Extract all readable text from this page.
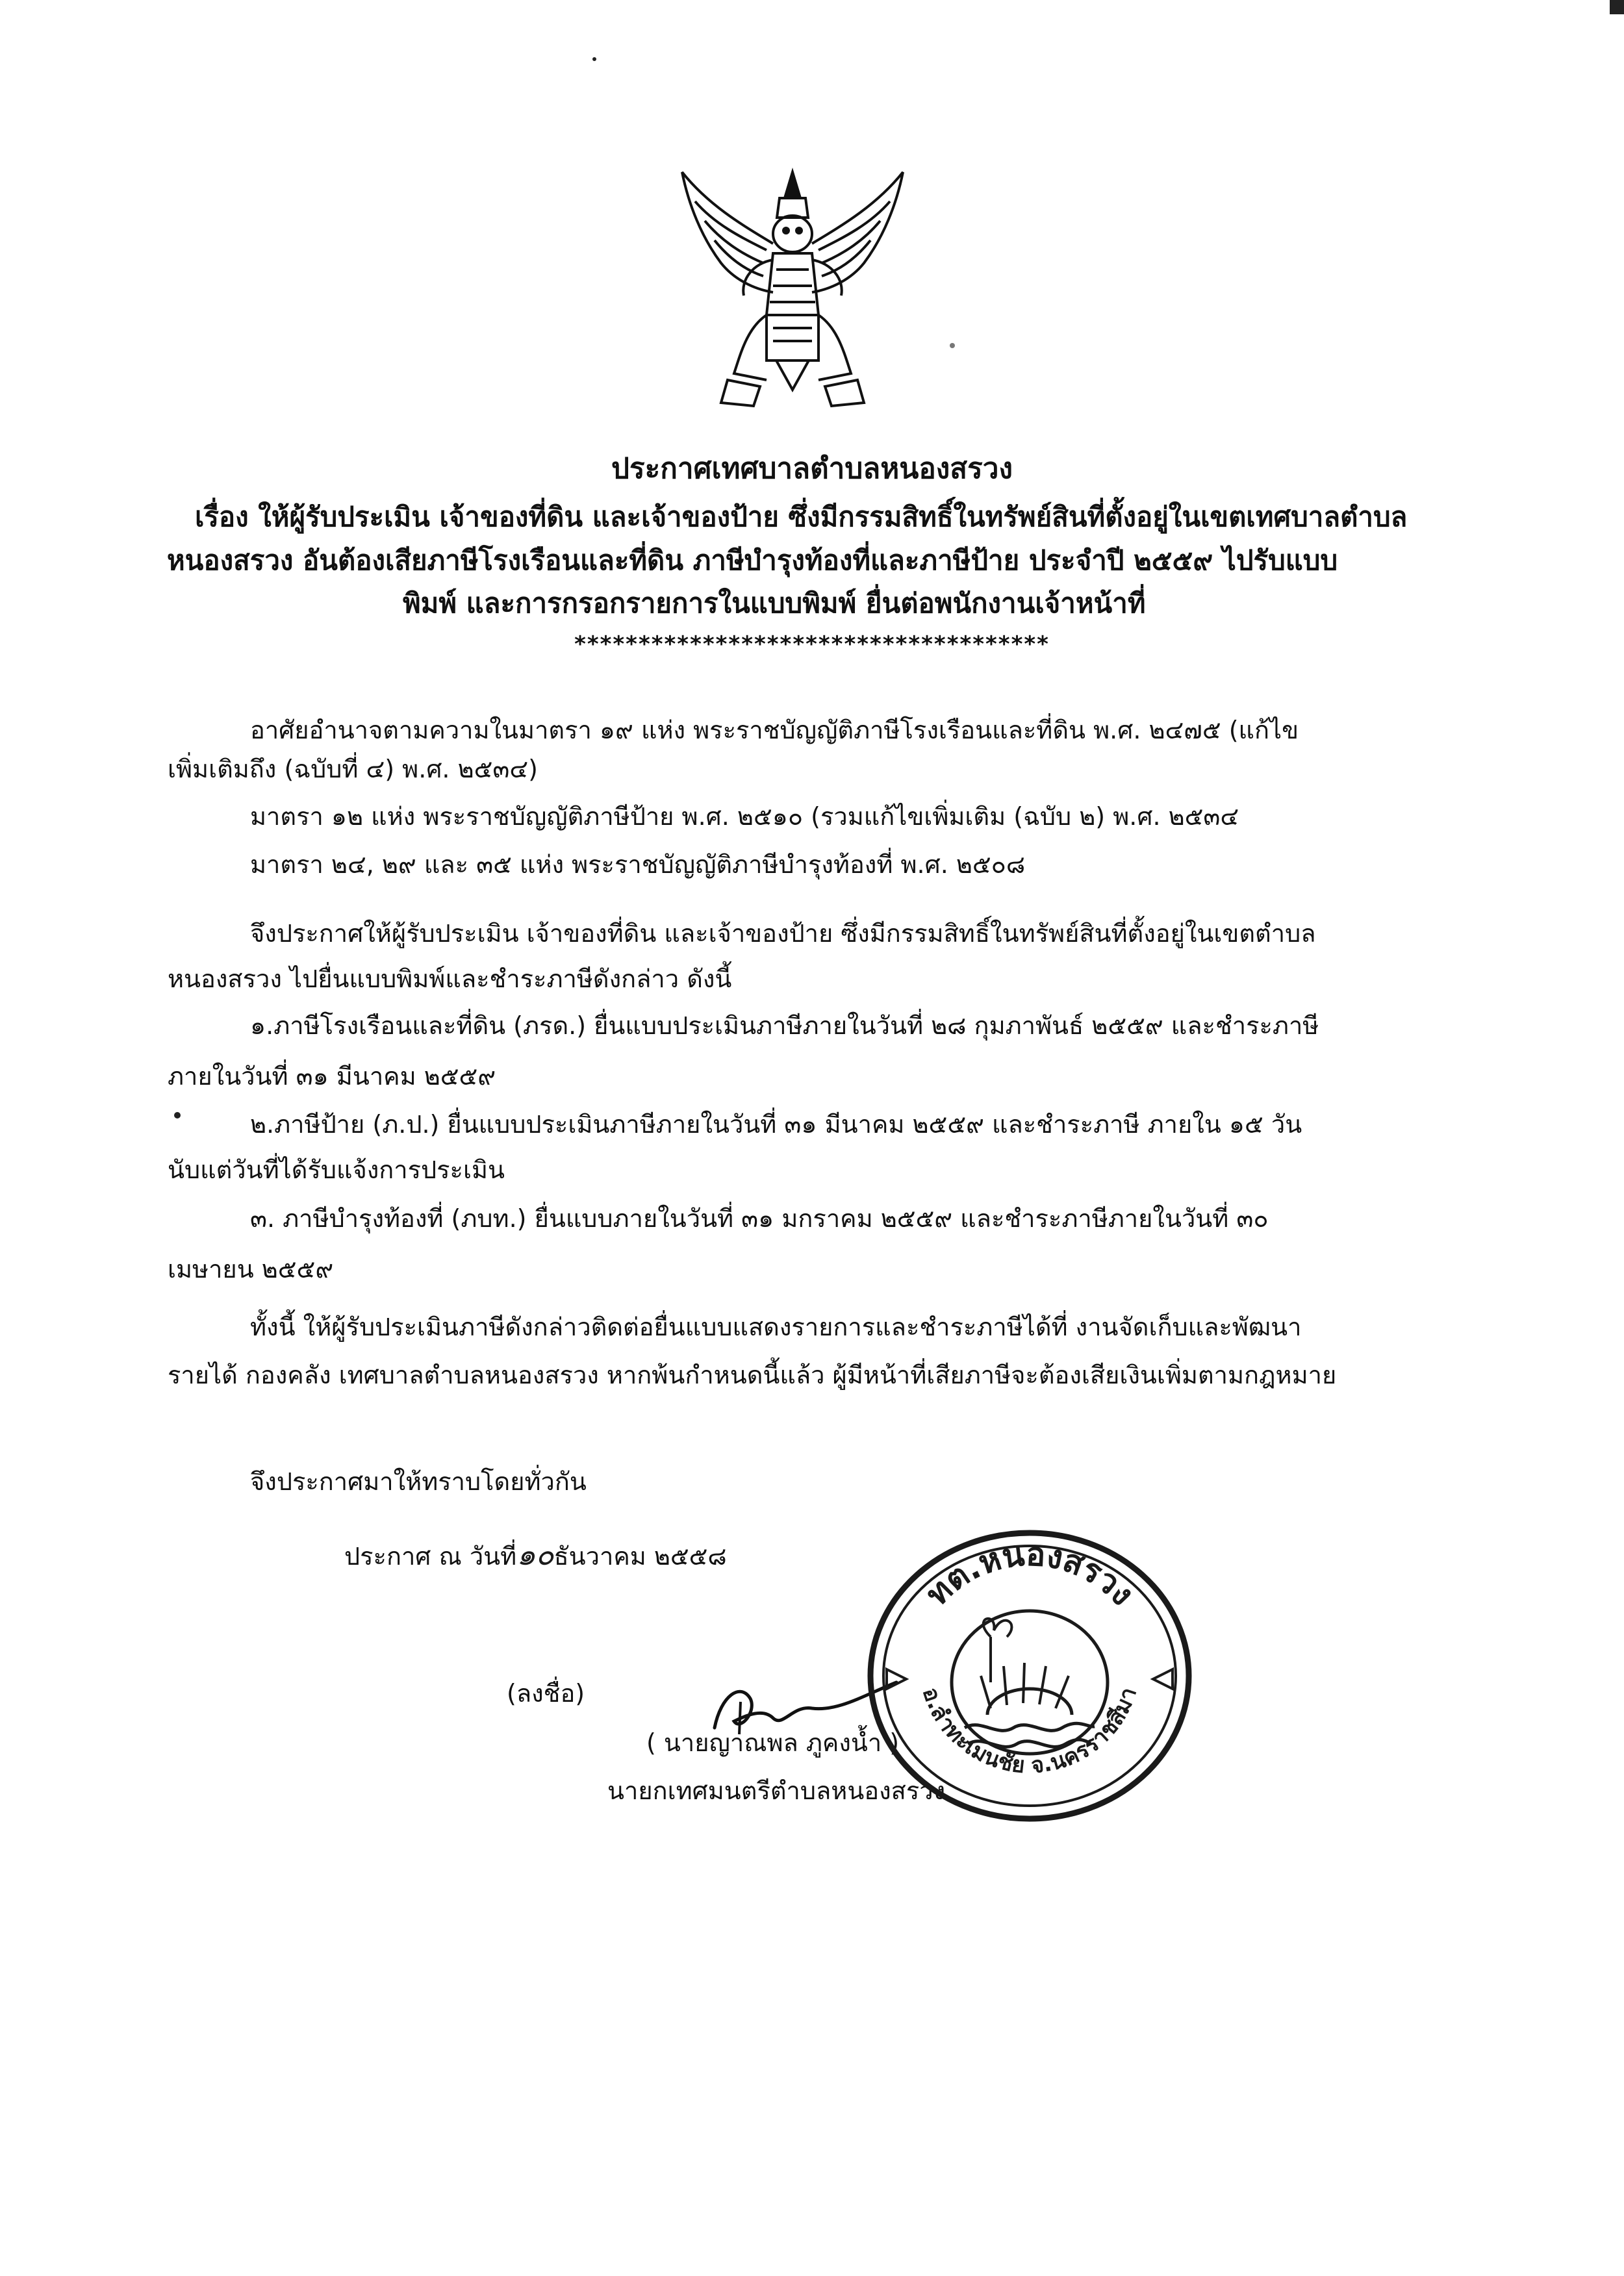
ประกาศเทศบาลตำบลหนองสรวง
เรื่อง ให้ผู้รับประเมิน เจ้าของที่ดิน และเจ้าของป้าย ซึ่งมีกรรมสิทธิ์ในทรัพย์สินที่ตั้งอยู่ในเขตเทศบาลตำบล
หนองสรวง อันต้องเสียภาษีโรงเรือนและที่ดิน ภาษีบำรุงท้องที่และภาษีป้าย ประจำปี ๒๕๕๙ ไปรับแบบ
พิมพ์ และการกรอกรายการในแบบพิมพ์ ยื่นต่อพนักงานเจ้าหน้าที่
*************************************
อาศัยอำนาจตามความในมาตรา ๑๙ แห่ง พระราชบัญญัติภาษีโรงเรือนและที่ดิน พ.ศ. ๒๔๗๕ (แก้ไข
เพิ่มเติมถึง (ฉบับที่ ๔) พ.ศ. ๒๕๓๔)
มาตรา ๑๒ แห่ง พระราชบัญญัติภาษีป้าย พ.ศ. ๒๕๑๐ (รวมแก้ไขเพิ่มเติม (ฉบับ ๒) พ.ศ. ๒๕๓๔
มาตรา ๒๔, ๒๙ และ ๓๕ แห่ง พระราชบัญญัติภาษีบำรุงท้องที่ พ.ศ. ๒๕๐๘
จึงประกาศให้ผู้รับประเมิน เจ้าของที่ดิน และเจ้าของป้าย ซึ่งมีกรรมสิทธิ์ในทรัพย์สินที่ตั้งอยู่ในเขตตำบล
หนองสรวง ไปยื่นแบบพิมพ์และชำระภาษีดังกล่าว ดังนี้
๑.ภาษีโรงเรือนและที่ดิน (ภรด.) ยื่นแบบประเมินภาษีภายในวันที่ ๒๘ กุมภาพันธ์ ๒๕๕๙ และชำระภาษี
ภายในวันที่ ๓๑ มีนาคม ๒๕๕๙
๒.ภาษีป้าย (ภ.ป.) ยื่นแบบประเมินภาษีภายในวันที่ ๓๑ มีนาคม ๒๕๕๙ และชำระภาษี ภายใน ๑๕ วัน
นับแต่วันที่ได้รับแจ้งการประเมิน
๓. ภาษีบำรุงท้องที่ (ภบท.) ยื่นแบบภายในวันที่ ๓๑ มกราคม ๒๕๕๙ และชำระภาษีภายในวันที่ ๓๐
เมษายน ๒๕๕๙
ทั้งนี้ ให้ผู้รับประเมินภาษีดังกล่าวติดต่อยื่นแบบแสดงรายการและชำระภาษีได้ที่ งานจัดเก็บและพัฒนา
รายได้ กองคลัง เทศบาลตำบลหนองสรวง หากพ้นกำหนดนี้แล้ว ผู้มีหน้าที่เสียภาษีจะต้องเสียเงินเพิ่มตามกฎหมาย
จึงประกาศมาให้ทราบโดยทั่วกัน
ประกาศ ณ วันที่๑๐ธันวาคม ๒๕๕๘
(ลงชื่อ)
( นายญาณพล ภูคงน้ำ )
นายกเทศมนตรีตำบลหนองสรวง
ทต.หนองสรวง
อ.ลำทะเมนชัย จ.นครราชสีมา
